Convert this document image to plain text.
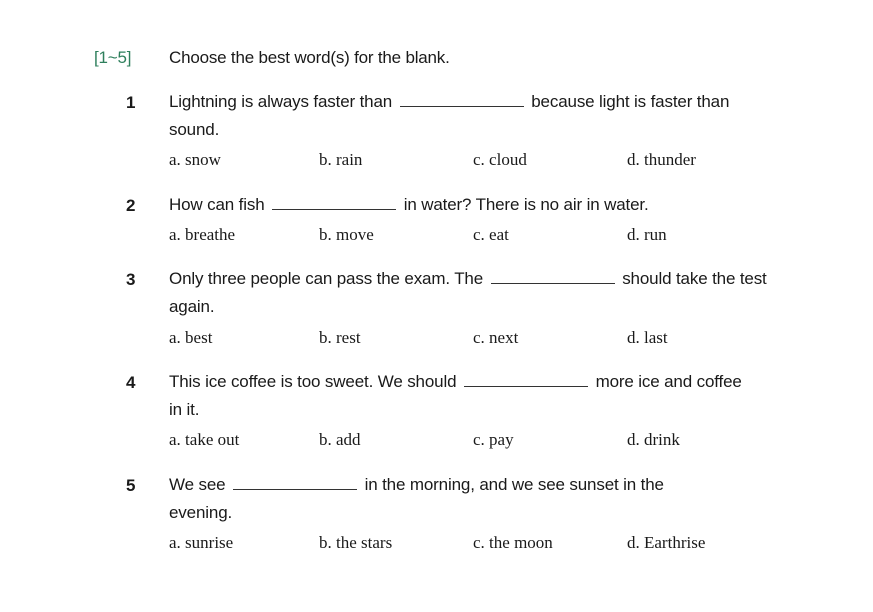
[1~5] Choose the best word(s) for the blank.
1 Lightning is always faster than	because light is faster than sound.
a. snow	b. rain	c. cloud	d. thunder
2 How can fish	in water? There is no air in water.
a. breathe	b. move	c. eat	d. run
3 Only three people can pass the exam. The	should take the test again.
a. best	b. rest	c. next	d. last
4 This ice coffee is too sweet. We should	more ice and coffee in it.
a. take out	b. add	c. pay	d. drink
5 We see	in the morning, and we see sunset in the evening.
a. sunrise	b. the stars	c. the moon	d. Earthrise
